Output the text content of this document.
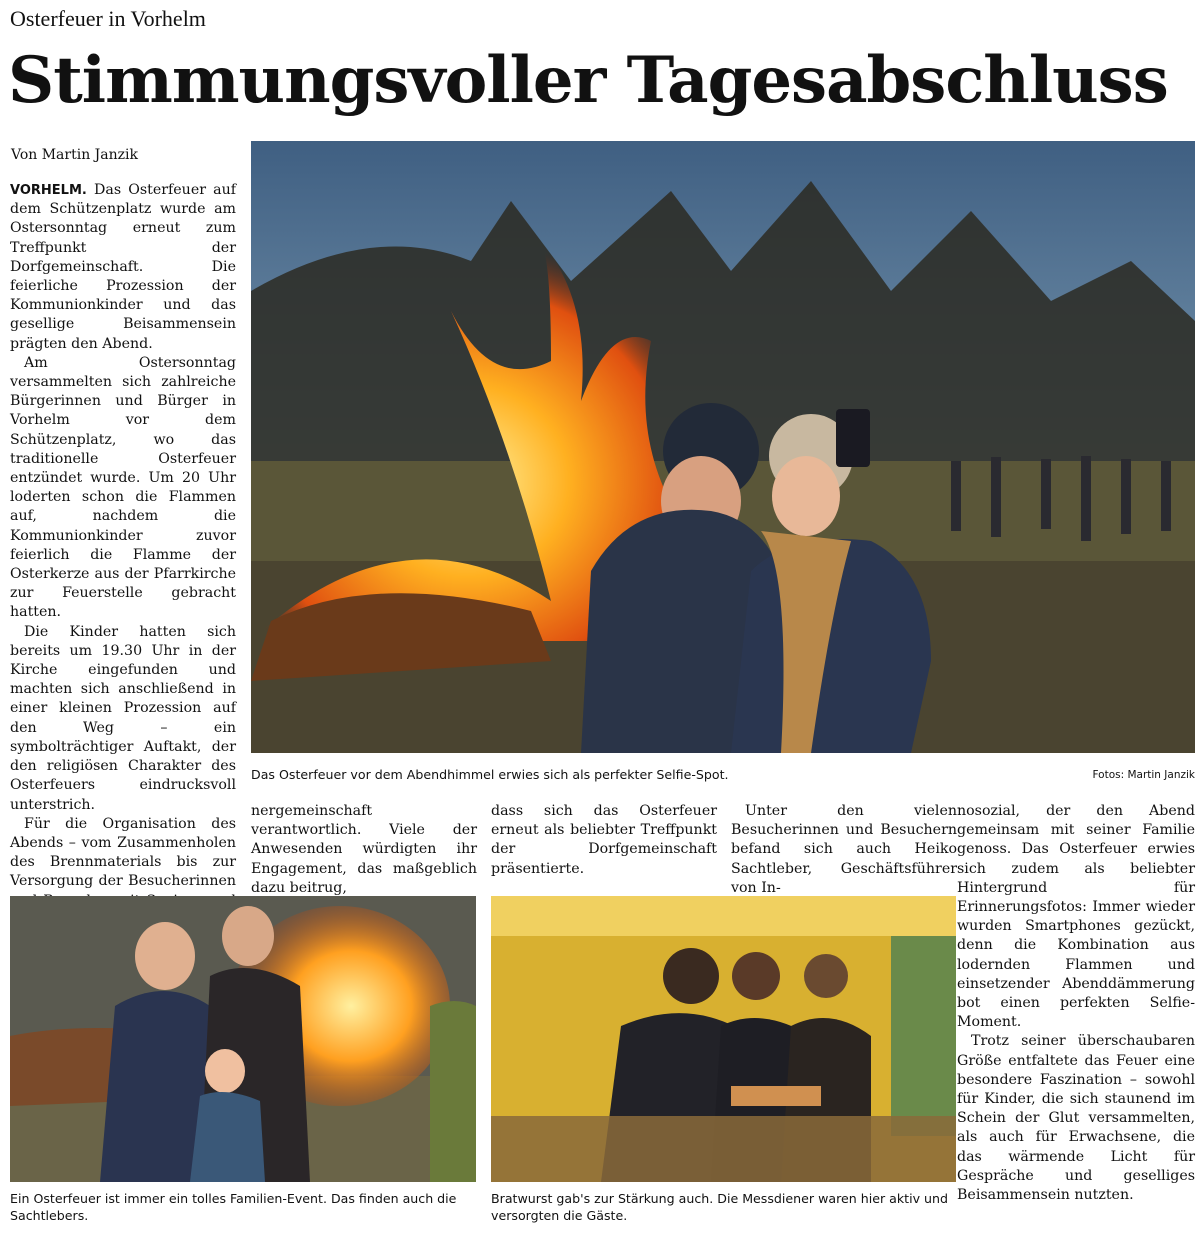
Osterfeuer in Vorhelm
Stimmungsvoller Tagesabschluss
Von Martin Janzik

VORHELM. Das Osterfeuer auf dem Schützenplatz wurde am Ostersonntag erneut zum Treffpunkt der Dorfgemeinschaft. Die feierliche Prozession der Kommunionkinder und das gesellige Beisammensein prägten den Abend.

Am Ostersonntag versammelten sich zahlreiche Bürgerinnen und Bürger in Vorhelm vor dem Schützenplatz, wo das traditionelle Osterfeuer entzündet wurde. Um 20 Uhr loderten schon die Flammen auf, nachdem die Kommunionkinder zuvor feierlich die Flamme der Osterkerze aus der Pfarrkirche zur Feuerstelle gebracht hatten.

Die Kinder hatten sich bereits um 19.30 Uhr in der Kirche eingefunden und machten sich anschließend in einer kleinen Prozession auf den Weg – ein symbolträchtiger Auftakt, der den religiösen Charakter des Osterfeuers eindrucksvoll unterstrich.

Für die Organisation des Abends – vom Zusammenholen des Brennmaterials bis zur Versorgung der Besucherinnen

Das Osterfeuer vor dem Abendhimmel erwies sich als perfekter Selfie-Spot.	Fotos: Martin Janzik
nergemeinschaft verantwortlich. Viele der Anwesenden würdigten ihr Engagement, das maßgeblich dazu beitrug,
dass sich das Osterfeuer erneut als beliebter Treffpunkt der Dorfgemeinschaft präsentierte.

Unter den vielen Besucherinnen und Besuchern befand sich auch Heiko Sachtleber, Geschäftsführer von In-

nosozial, der den Abend gemeinsam mit seiner Familie genoss. Das Osterfeuer erwies sich zudem als beliebter Hintergrund für Erinnerungsfotos: Immer wieder wurden Smartphones gezückt, denn die Kombination aus lodernden Flammen und einsetzender Abenddämmerung bot einen perfekten Selfie-Moment.

Trotz seiner überschaubaren Größe entfaltete das Feuer eine besondere Faszination – sowohl für Kinder, die sich staunend im Schein der Glut versammelten, als auch für Erwachsene, die das wärmende Licht für Gespräche und geselliges Beisammensein nutzten.

Ein Osterfeuer ist immer ein tolles Familien-Event. Das finden auch die Sachtlebers.
Bratwurst gab's zur Stärkung auch. Die Messdiener waren hier aktiv und versorgten die Gäste.
